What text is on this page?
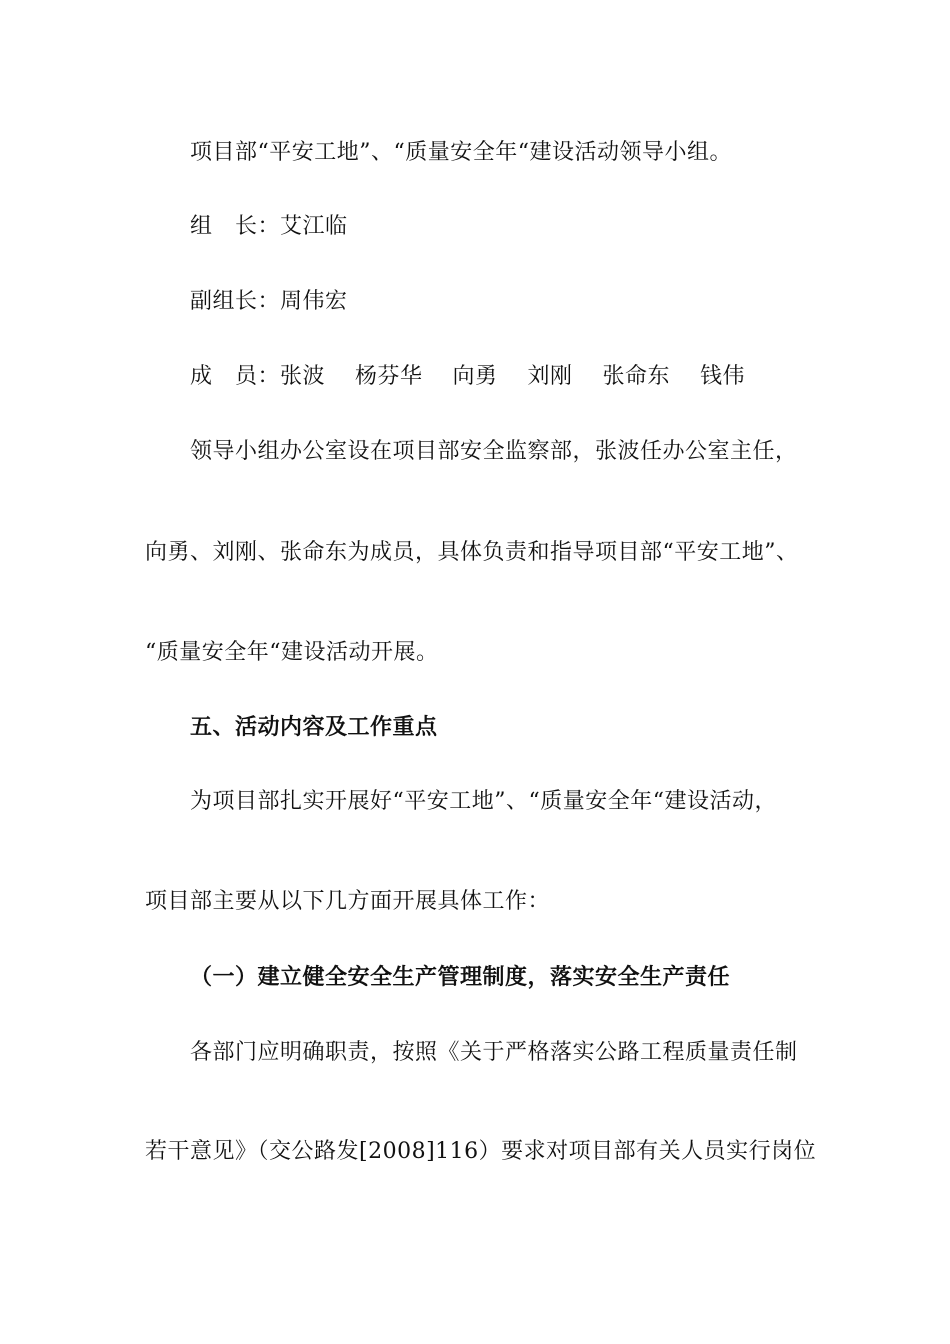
项目部“平安工地”、“质量安全年“建设活动领导小组。
组　长：艾江临
副组长：周伟宏
成　员：张波　 杨芬华　 向勇　 刘刚　 张命东　 钱伟
领导小组办公室设在项目部安全监察部，张波任办公室主任，
向勇、刘刚、张命东为成员，具体负责和指导项目部“平安工地”、
“质量安全年“建设活动开展。
五、活动内容及工作重点
为项目部扎实开展好“平安工地”、“质量安全年“建设活动，
项目部主要从以下几方面开展具体工作：
（一）建立健全安全生产管理制度，落实安全生产责任
各部门应明确职责，按照《关于严格落实公路工程质量责任制
若干意见》（交公路发[2008]116）要求对项目部有关人员实行岗位
